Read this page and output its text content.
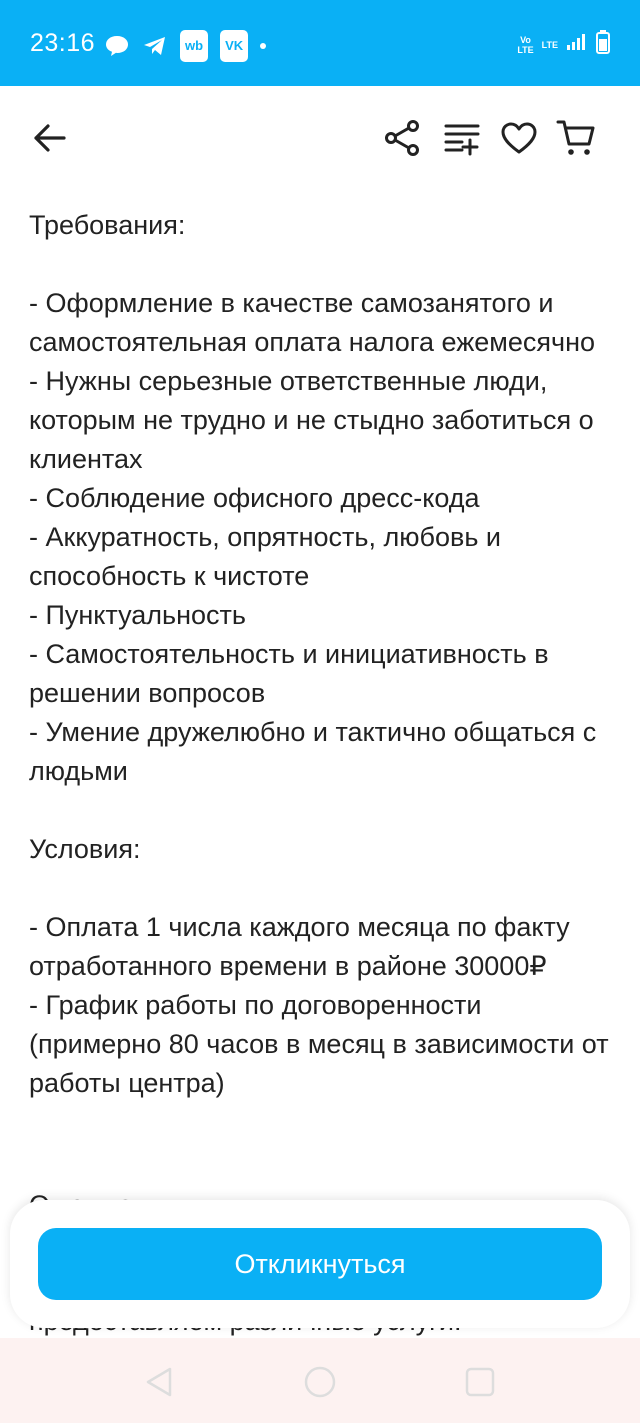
23:16	wb	VK	Vo
LTE LTE

Требования:

- Оформление в качестве самозанятого и самостоятельная оплата налога ежемесячно

- Нужны серьезные ответственные люди, которым не трудно и не стыдно заботиться о клиентах

- Соблюдение офисного дресс-кода

- Аккуратность, опрятность, любовь и способность к чистоте

- Пунктуальность

- Самостоятельность и инициативность в решении вопросов

- Умение дружелюбно и тактично общаться с людьми

Условия:

- Оплата 1 числа каждого месяца по факту отработанного времени в районе 30000₽

- График работы по договоренности (примерно 80 часов в месяц в зависимости от работы центра)

Откликнуться
